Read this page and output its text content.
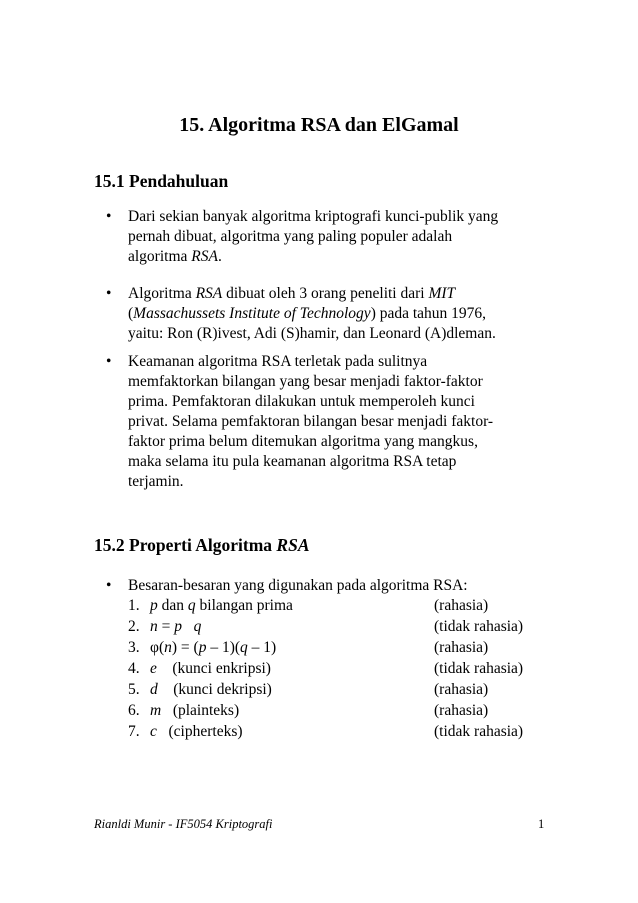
15. Algoritma RSA dan ElGamal
15.1 Pendahuluan
•	Dari sekian banyak algoritma kriptografi kunci-publik yang
pernah dibuat, algoritma yang paling populer adalah
algoritma RSA.
•	Algoritma RSA dibuat oleh 3 orang peneliti dari MIT
(Massachussets Institute of Technology) pada tahun 1976,
yaitu: Ron (R)ivest, Adi (S)hamir, dan Leonard (A)dleman.
•	Keamanan algoritma RSA terletak pada sulitnya
memfaktorkan bilangan yang besar menjadi faktor-faktor
prima. Pemfaktoran dilakukan untuk memperoleh kunci
privat. Selama pemfaktoran bilangan besar menjadi faktor-
faktor prima belum ditemukan algoritma yang mangkus,
maka selama itu pula keamanan algoritma RSA tetap
terjamin.
15.2 Properti Algoritma RSA
•	Besaran-besaran yang digunakan pada algoritma RSA:
1. p dan q bilangan prima	(rahasia)
2. n = p q	(tidak rahasia)
3. φ(n) = (p – 1)(q – 1)	(rahasia)
4. e    (kunci enkripsi)	(tidak rahasia)
5. d    (kunci dekripsi)	(rahasia)
6. m   (plainteks)	(rahasia)
7. c   (cipherteks)	(tidak rahasia)
Rianldi Munir - IF5054 Kriptografi	1
